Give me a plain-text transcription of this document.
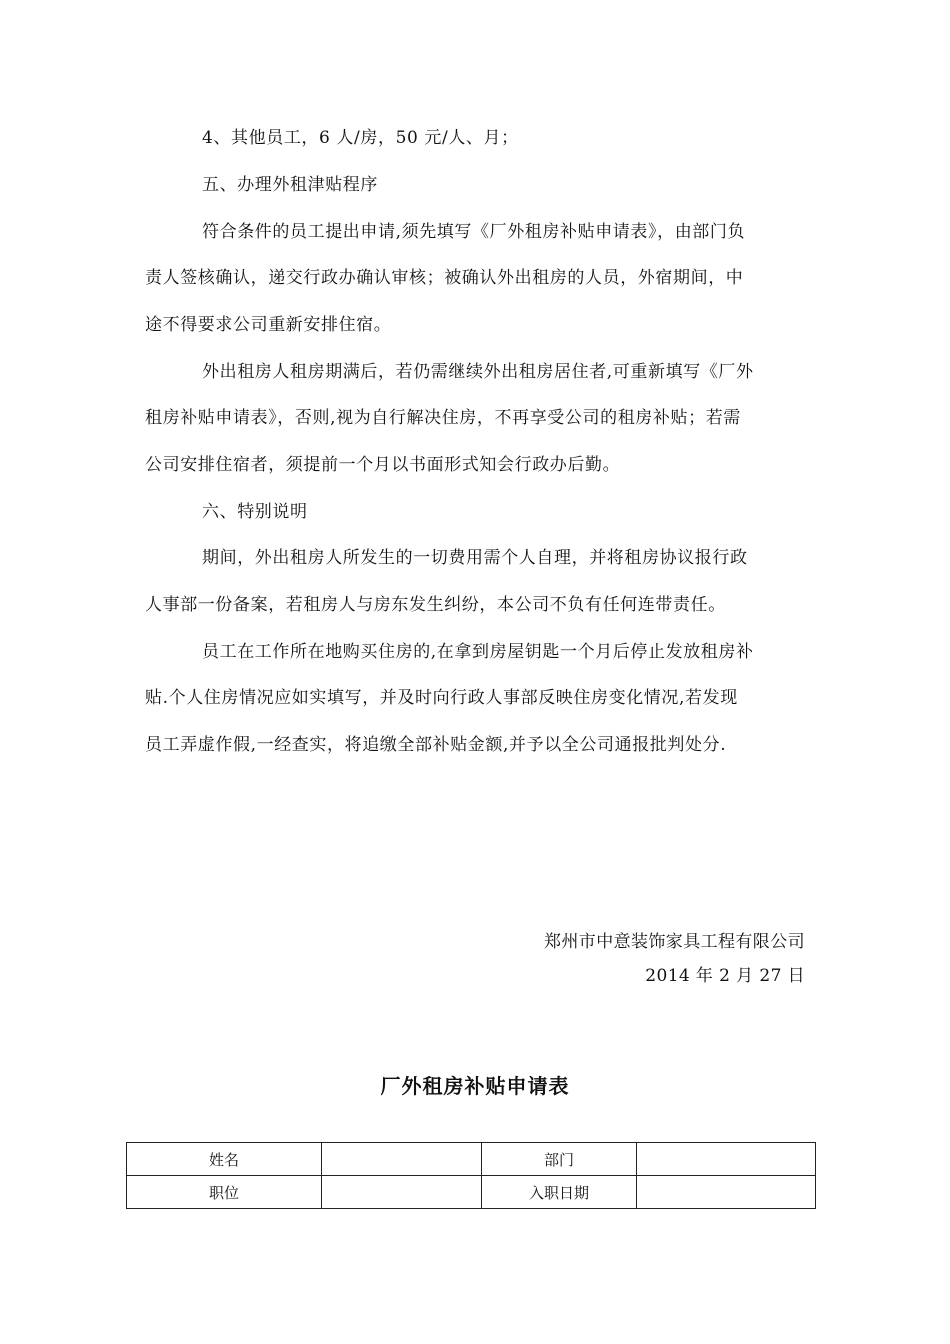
4、其他员工，6 人/房，50 元/人、月；
五、办理外租津贴程序
符合条件的员工提出申请,须先填写《厂外租房补贴申请表》，由部门负
责人签核确认，递交行政办确认审核；被确认外出租房的人员，外宿期间，中
途不得要求公司重新安排住宿。
外出租房人租房期满后，若仍需继续外出租房居住者,可重新填写《厂外
租房补贴申请表》，否则,视为自行解决住房，不再享受公司的租房补贴；若需
公司安排住宿者，须提前一个月以书面形式知会行政办后勤。
六、特别说明
期间，外出租房人所发生的一切费用需个人自理，并将租房协议报行政
人事部一份备案，若租房人与房东发生纠纷，本公司不负有任何连带责任。
员工在工作所在地购买住房的,在拿到房屋钥匙一个月后停止发放租房补
贴.个人住房情况应如实填写，并及时向行政人事部反映住房变化情况,若发现
员工弄虚作假,一经查实，将追缴全部补贴金额,并予以全公司通报批判处分.
郑州市中意装饰家具工程有限公司
2014 年 2 月 27 日
厂外租房补贴申请表
姓名		部门	
职位		入职日期	
